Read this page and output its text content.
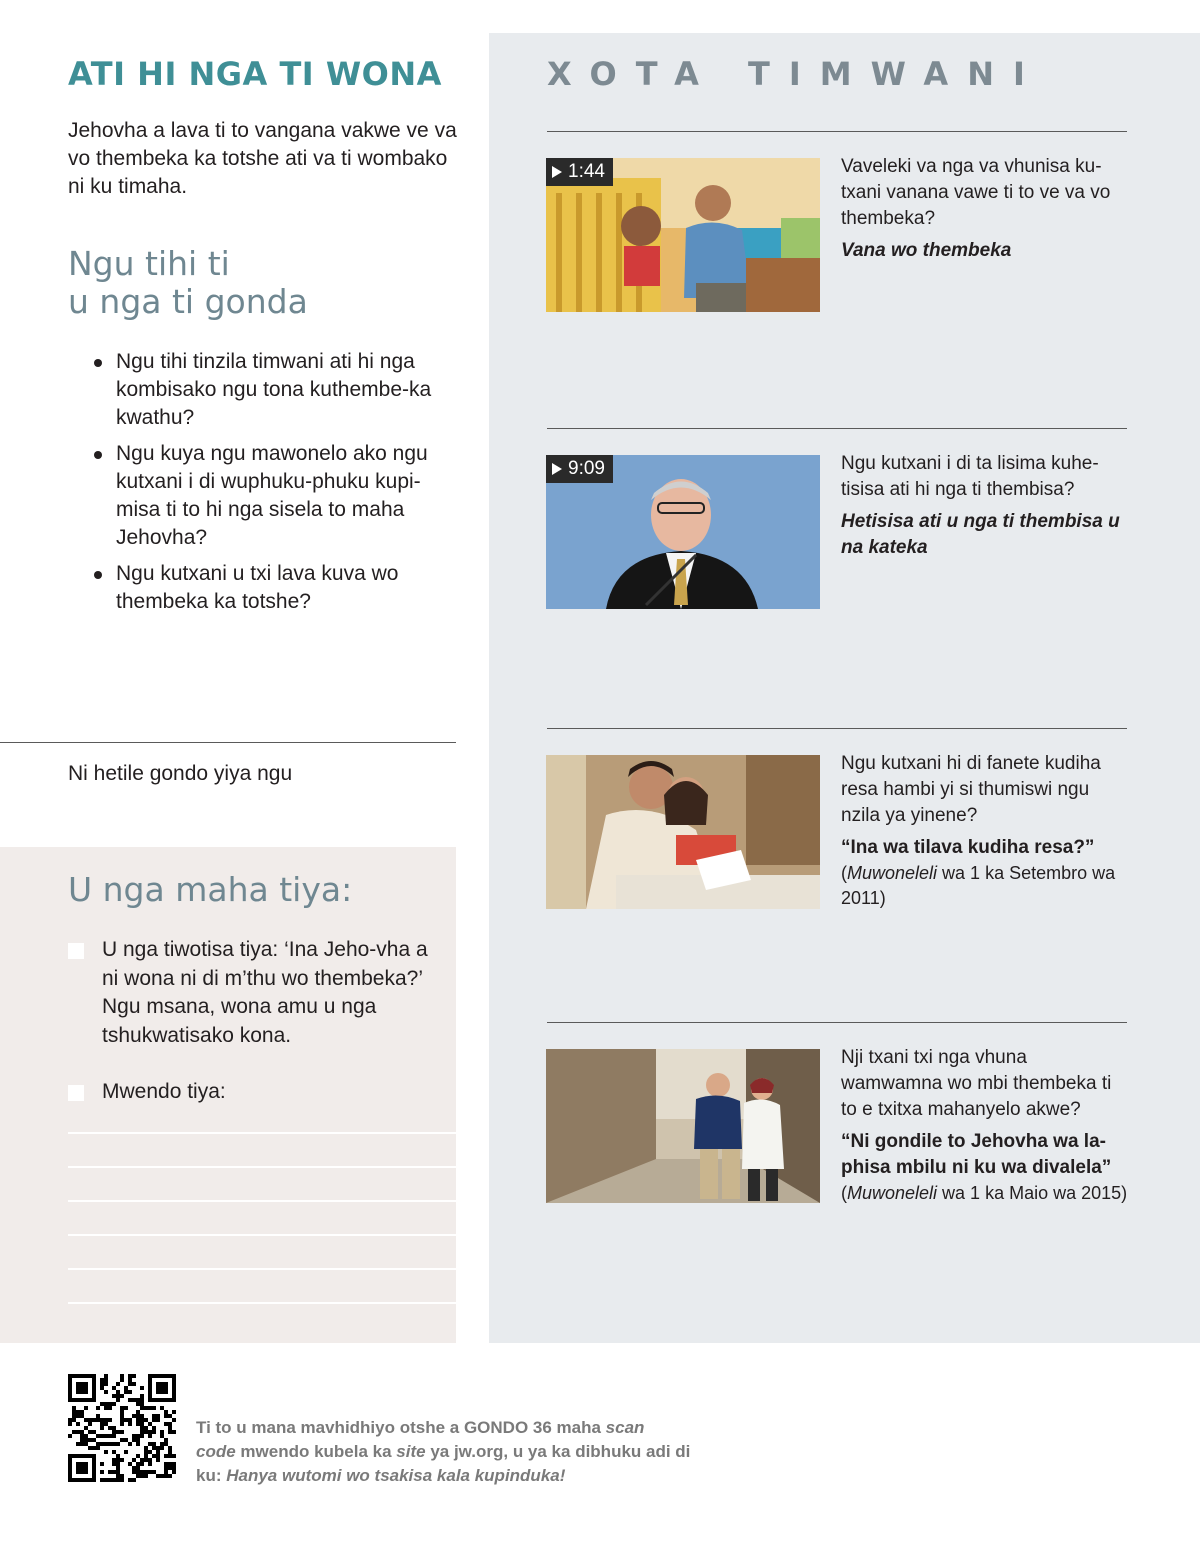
ATI HI NGA TI WONA

Jehovha a lava ti to vangana vakwe ve va vo thembeka ka totshe ati va ti wombako ni ku timaha.

Ngu tihi ti
u nga ti gonda
Ngu tihi tinzila timwani ati hi nga kombisako ngu tona kuthembe-ka kwathu?
Ngu kuya ngu mawonelo ako ngu kutxani i di wuphuku-phuku kupi-misa ti to hi nga sisela to maha Jehovha?
Ngu kutxani u txi lava kuva wo thembeka ka totshe?

Ni hetile gondo yiya ngu

U nga maha tiya:
U nga tiwotisa tiya: ‘Ina Jeho-vha a ni wona ni di m’thu wo thembeka?’ Ngu msana, wona amu u nga tshukwatisako kona.
Mwendo tiya:
XOTA TIMWANI
1:44	Vaveleki va nga va vhunisa ku-txani vanana vawe ti to ve va vo thembeka?
Vana wo thembeka
9:09	Ngu kutxani i di ta lisima kuhe-tisisa ati hi nga ti thembisa?
Hetisisa ati u nga ti thembisa u na kateka
Ngu kutxani hi di fanete kudiha resa hambi yi si thumiswi ngu nzila ya yinene?
“Ina wa tilava kudiha resa?”
(Muwoneleli wa 1 ka Setembro wa 2011)
Nji txani txi nga vhuna wamwamna wo mbi thembeka ti to e txitxa mahanyelo akwe?
“Ni gondile to Jehovha wa la-phisa mbilu ni ku wa divalela”
(Muwoneleli wa 1 ka Maio wa 2015)

Ti to u mana mavhidhiyo otshe a GONDO 36 maha scan
code mwendo kubela ka site ya jw.org, u ya ka dibhuku adi di ku: Hanya wutomi wo tsakisa kala kupinduka!
